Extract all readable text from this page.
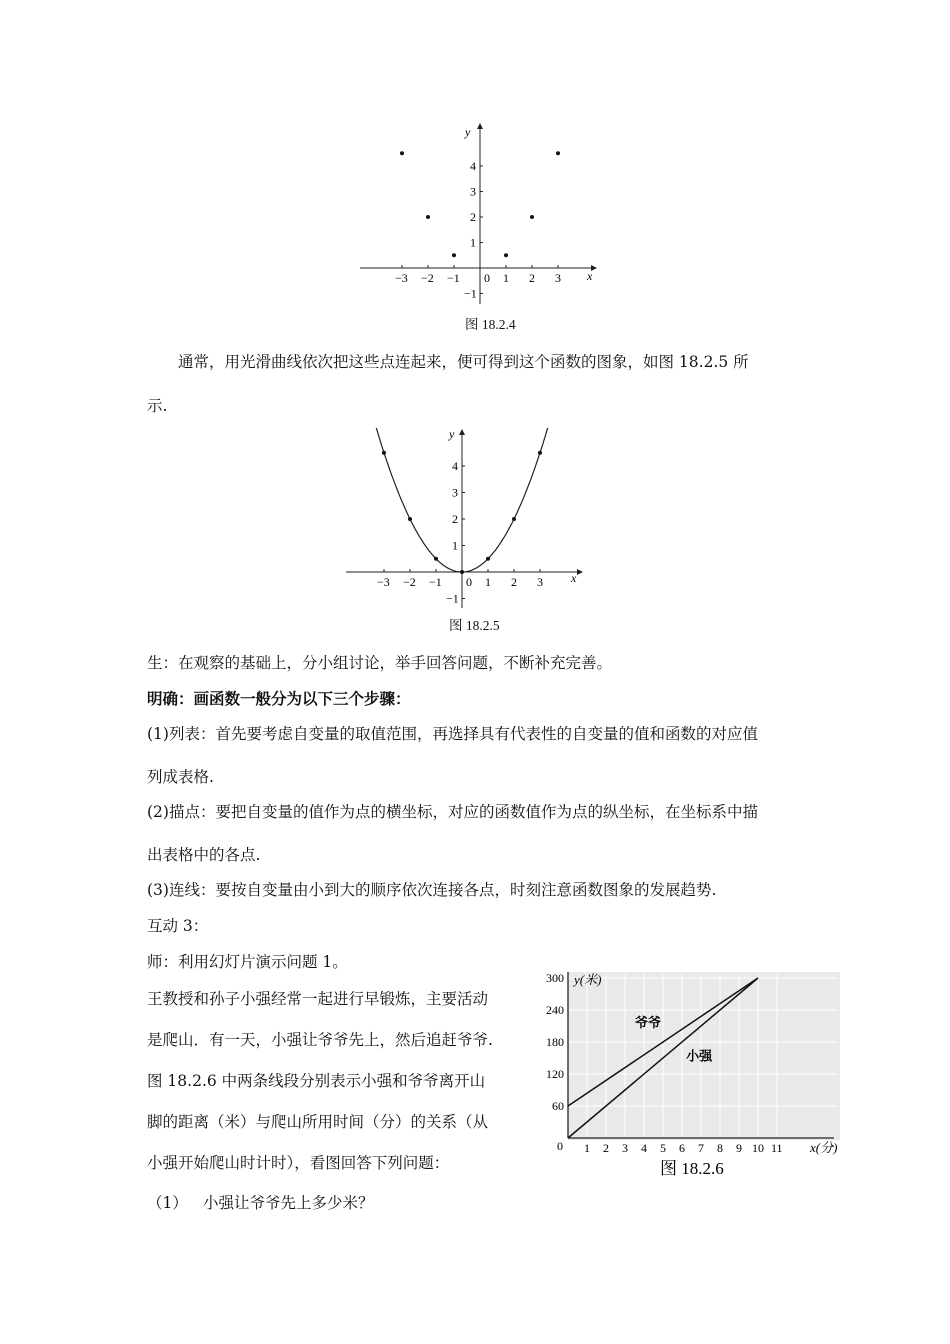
−3 −2 −1 0 1 2 3
4
3
2
1
−1
x
y
图 18.2.4
通常，用光滑曲线依次把这些点连起来，便可得到这个函数的图象，如图 18.2.5 所
示.
−3 −2 −1 0 1 2 3
4
3
2
1
−1
x
y
图 18.2.5
生：在观察的基础上，分小组讨论，举手回答问题，不断补充完善。
明确：画函数一般分为以下三个步骤：
(1)列表：首先要考虑自变量的取值范围，再选择具有代表性的自变量的值和函数的对应值
列成表格.
(2)描点：要把自变量的值作为点的横坐标，对应的函数值作为点的纵坐标，在坐标系中描
出表格中的各点.
(3)连线：要按自变量由小到大的顺序依次连接各点，时刻注意函数图象的发展趋势.
互动 3：
师：利用幻灯片演示问题 1。
王教授和孙子小强经常一起进行早锻炼，主要活动
是爬山．有一天，小强让爷爷先上，然后追赶爷爷.
图 18.2.6 中两条线段分别表示小强和爷爷离开山
脚的距离（米）与爬山所用时间（分）的关系（从
小强开始爬山时计时），看图回答下列问题：
（1） 小强让爷爷先上多少米？
1 2 3 4 5 6 7 8 9 10 11
60
120
180
240
300
爷爷
小强
y(米)
x(分)
0
图 18.2.6
